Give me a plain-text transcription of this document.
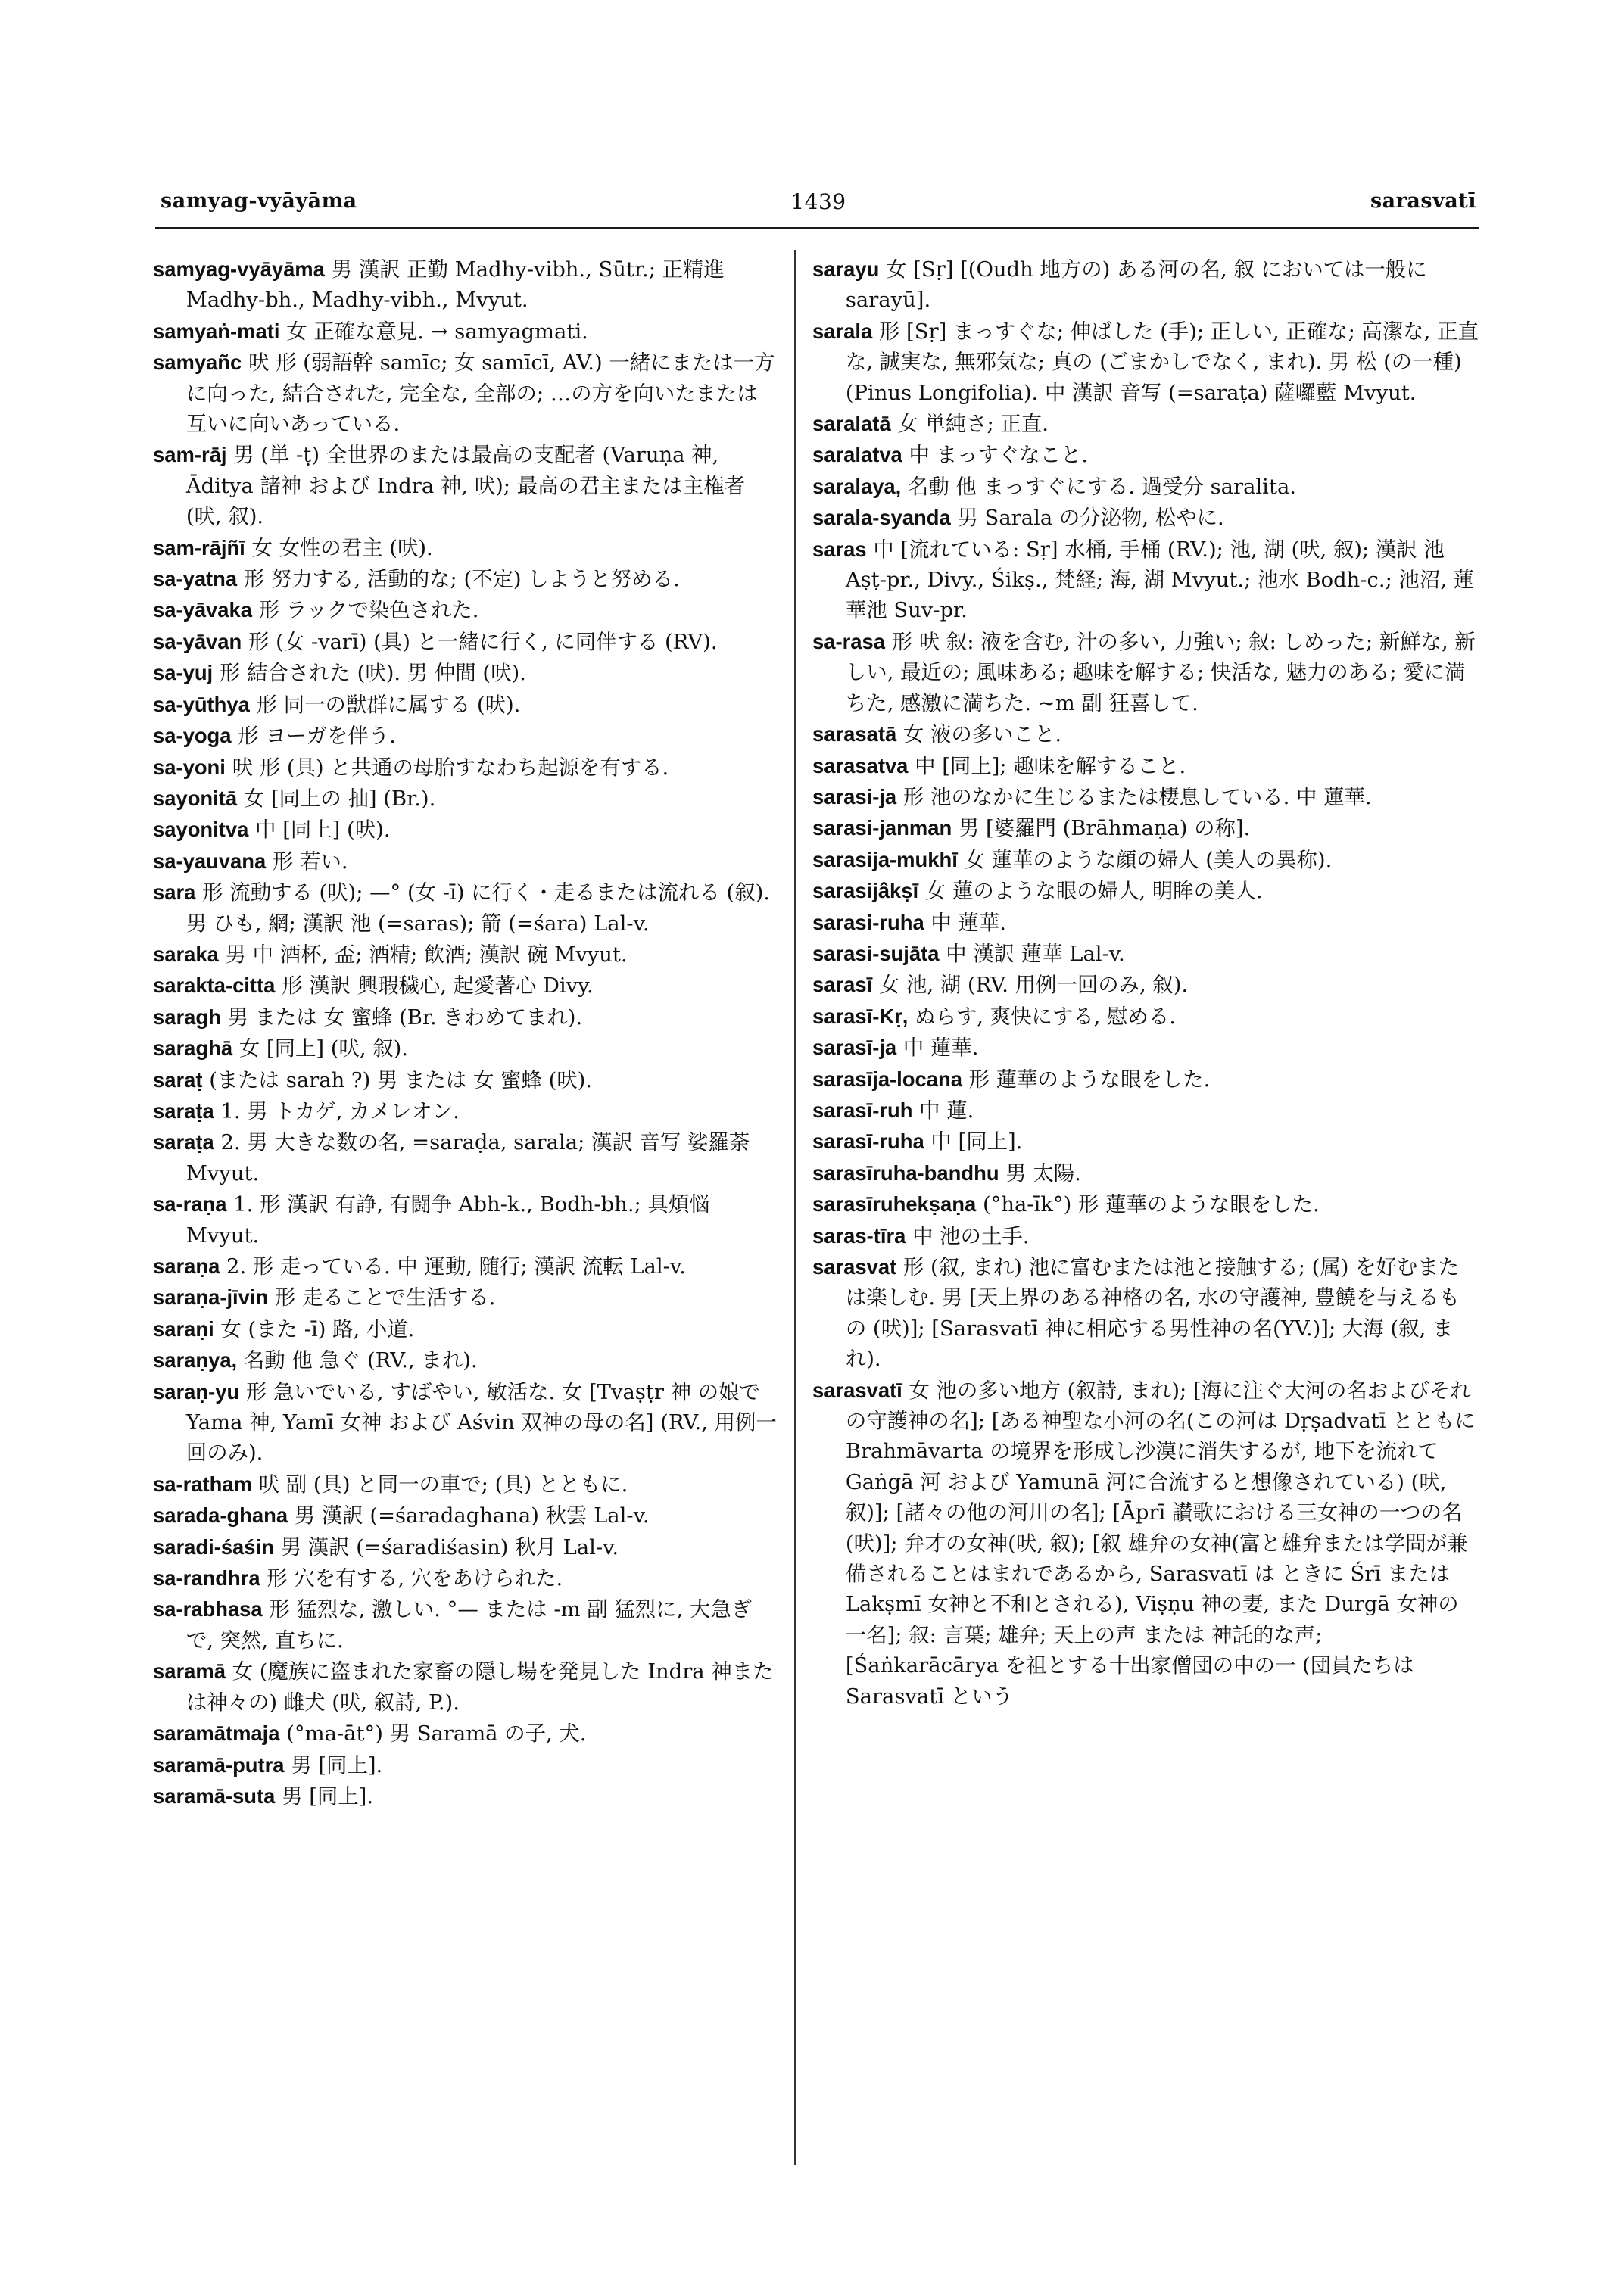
samyag-vyāyāma	1439	sarasvatī

samyag-vyāyāma 男 漢訳 正勤 Madhy-vibh., Sūtr.; 正精進 Madhy-bh., Madhy-vibh., Mvyut.

samyaṅ-mati 女 正確な意見. → samyagmati.

samyañc 吠 形 (弱語幹 samīc; 女 samīcī, AV.) 一緒にまたは一方に向った, 結合された, 完全な, 全部の; …の方を向いたまたは互いに向いあっている.

sam-rāj 男 (単 -ṭ) 全世界のまたは最高の支配者 (Varuṇa 神, Āditya 諸神 および Indra 神, 吠); 最高の君主または主権者(吠, 叙).

sam-rājñī 女 女性の君主 (吠).

sa-yatna 形 努力する, 活動的な; (不定) しようと努める.

sa-yāvaka 形 ラックで染色された.

sa-yāvan 形 (女 -varī) (具) と一緒に行く, に同伴する (RV).

sa-yuj 形 結合された (吠). 男 仲間 (吠).

sa-yūthya 形 同一の獣群に属する (吠).

sa-yoga 形 ヨーガを伴う.

sa-yoni 吠 形 (具) と共通の母胎すなわち起源を有する.

sayonitā 女 [同上の 抽] (Br.).

sayonitva 中 [同上] (吠).

sa-yauvana 形 若い.

sara 形 流動する (吠); —° (女 -ī) に行く・走るまたは流れる (叙). 男 ひも, 網; 漢訳 池 (=saras); 箭 (=śara) Lal-v.

saraka 男 中 酒杯, 盃; 酒精; 飲酒; 漢訳 碗 Mvyut.

sarakta-citta 形 漢訳 興瑕穢心, 起愛著心 Divy.

saragh 男 または 女 蜜蜂 (Br. きわめてまれ).

saraghā 女 [同上] (吠, 叙).

saraṭ (または sarah ?) 男 または 女 蜜蜂 (吠).

saraṭa 1. 男 トカゲ, カメレオン.

saraṭa 2. 男 大きな数の名, =saraḍa, sarala; 漢訳 音写 娑羅荼 Mvyut.

sa-raṇa 1. 形 漢訳 有諍, 有闘争 Abh-k., Bodh-bh.; 具煩悩 Mvyut.

saraṇa 2. 形 走っている. 中 運動, 随行; 漢訳 流転 Lal-v.

saraṇa-jīvin 形 走ることで生活する.

saraṇi 女 (また -ī) 路, 小道.

saraṇya, 名動 他 急ぐ (RV., まれ).

saraṇ-yu 形 急いでいる, すばやい, 敏活な. 女 [Tvaṣṭr 神 の娘で Yama 神, Yamī 女神 および Aśvin 双神の母の名] (RV., 用例一回のみ).

sa-ratham 吠 副 (具) と同一の車で; (具) とともに.

sarada-ghana 男 漢訳 (=śaradaghana) 秋雲 Lal-v.

saradi-śaśin 男 漢訳 (=śaradiśasin) 秋月 Lal-v.

sa-randhra 形 穴を有する, 穴をあけられた.

sa-rabhasa 形 猛烈な, 激しい. °— または -m 副 猛烈に, 大急ぎで, 突然, 直ちに.

saramā 女 (魔族に盗まれた家畜の隠し場を発見した Indra 神または神々の) 雌犬 (吠, 叙詩, P.).

saramātmaja (°ma-āt°) 男 Saramā の子, 犬.

saramā-putra 男 [同上].

saramā-suta 男 [同上].

sarayu 女 [Sṛ] [(Oudh 地方の) ある河の名, 叙 においては一般に sarayū].

sarala 形 [Sṛ] まっすぐな; 伸ばした (手); 正しい, 正確な; 高潔な, 正直な, 誠実な, 無邪気な; 真の (ごまかしでなく, まれ). 男 松 (の一種) (Pinus Longifolia). 中 漢訳 音写 (=saraṭa) 薩囉藍 Mvyut.

saralatā 女 単純さ; 正直.

saralatva 中 まっすぐなこと.

saralaya, 名動 他 まっすぐにする. 過受分 saralita.

sarala-syanda 男 Sarala の分泌物, 松やに.

saras 中 [流れている: Sṛ] 水桶, 手桶 (RV.); 池, 湖 (吠, 叙); 漢訳 池 Aṣṭ-pr., Divy., Śikṣ., 梵経; 海, 湖 Mvyut.; 池水 Bodh-c.; 池沼, 蓮華池 Suv-pr.

sa-rasa 形 吠 叙: 液を含む, 汁の多い, 力強い; 叙: しめった; 新鮮な, 新しい, 最近の; 風味ある; 趣味を解する; 快活な, 魅力のある; 愛に満ちた, 感激に満ちた. ~m 副 狂喜して.

sarasatā 女 液の多いこと.

sarasatva 中 [同上]; 趣味を解すること.

sarasi-ja 形 池のなかに生じるまたは棲息している. 中 蓮華.

sarasi-janman 男 [婆羅門 (Brāhmaṇa) の称].

sarasija-mukhī 女 蓮華のような顔の婦人 (美人の異称).

sarasijâkṣī 女 蓮のような眼の婦人, 明眸の美人.

sarasi-ruha 中 蓮華.

sarasi-sujāta 中 漢訳 蓮華 Lal-v.

sarasī 女 池, 湖 (RV. 用例一回のみ, 叙).

sarasī-Kṛ, ぬらす, 爽快にする, 慰める.

sarasī-ja 中 蓮華.

sarasīja-locana 形 蓮華のような眼をした.

sarasī-ruh 中 蓮.

sarasī-ruha 中 [同上].

sarasīruha-bandhu 男 太陽.

sarasīruhekṣaṇa (°ha-īk°) 形 蓮華のような眼をした.

saras-tīra 中 池の土手.

sarasvat 形 (叙, まれ) 池に富むまたは池と接触する; (属) を好むまたは楽しむ. 男 [天上界のある神格の名, 水の守護神, 豊饒を与えるもの (吠)]; [Sarasvatī 神に相応する男性神の名(YV.)]; 大海 (叙, まれ).

sarasvatī 女 池の多い地方 (叙詩, まれ); [海に注ぐ大河の名およびそれの守護神の名]; [ある神聖な小河の名(この河は Dṛṣadvatī とともに Brahmāvarta の境界を形成し沙漠に消失するが, 地下を流れて Gaṅgā 河 および Yamunā 河に合流すると想像されている) (吠, 叙)]; [諸々の他の河川の名]; [Āprī 讃歌における三女神の一つの名(吠)]; 弁才の女神(吠, 叙); [叙 雄弁の女神(富と雄弁または学問が兼備されることはまれであるから, Sarasvatī は ときに Śrī または Lakṣmī 女神と不和とされる), Viṣṇu 神の妻, また Durgā 女神の一名]; 叙: 言葉; 雄弁; 天上の声 または 神託的な声; [Śaṅkarācārya を祖とする十出家僧団の中の一 (団員たちは Sarasvatī という
